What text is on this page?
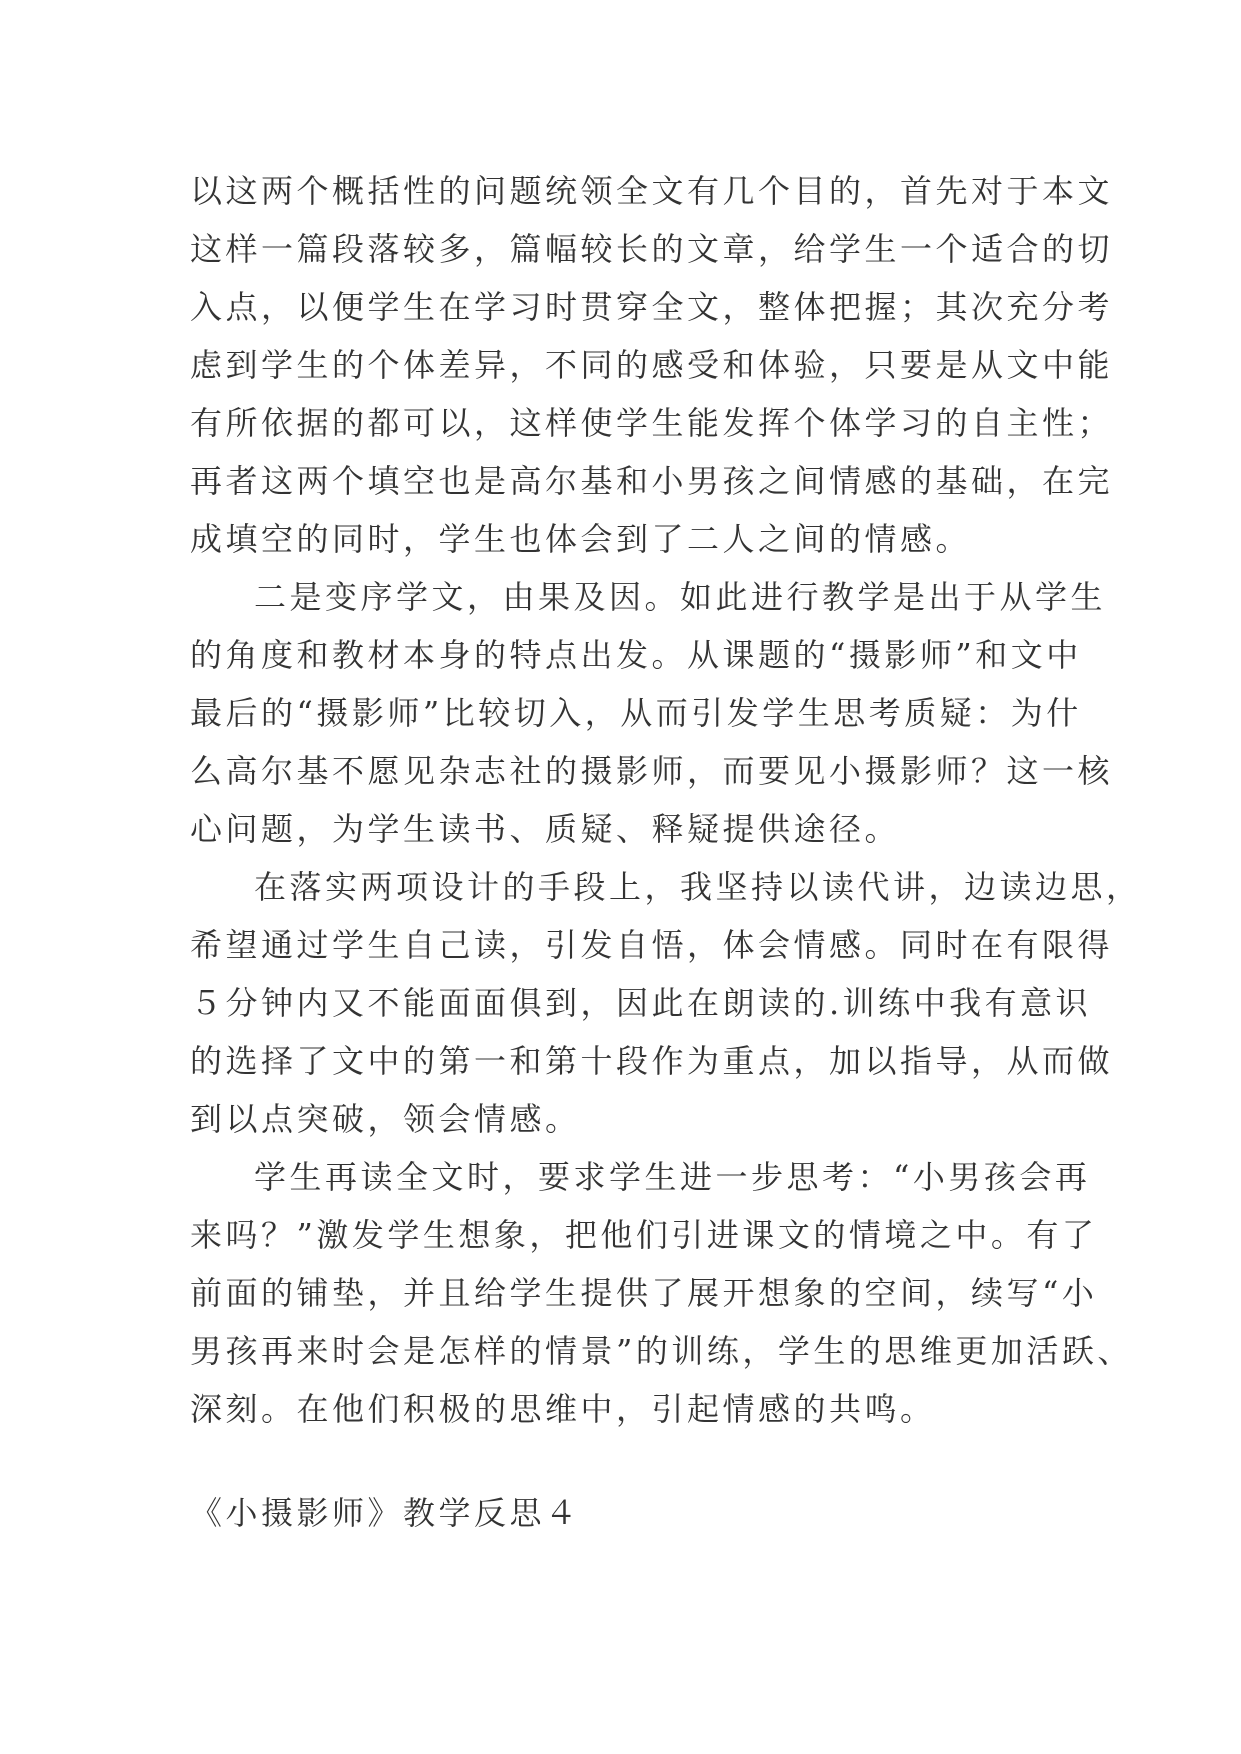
以这两个概括性的问题统领全文有几个目的，首先对于本文
这样一篇段落较多，篇幅较长的文章，给学生一个适合的切
入点，以便学生在学习时贯穿全文，整体把握；其次充分考
虑到学生的个体差异，不同的感受和体验，只要是从文中能
有所依据的都可以，这样使学生能发挥个体学习的自主性；
再者这两个填空也是高尔基和小男孩之间情感的基础，在完
成填空的同时，学生也体会到了二人之间的情感。
二是变序学文，由果及因。如此进行教学是出于从学生
的角度和教材本身的特点出发。从课题的“摄影师”和文中
最后的“摄影师”比较切入，从而引发学生思考质疑：为什
么高尔基不愿见杂志社的摄影师，而要见小摄影师？这一核
心问题，为学生读书、质疑、释疑提供途径。
在落实两项设计的手段上，我坚持以读代讲，边读边思，
希望通过学生自己读，引发自悟，体会情感。同时在有限得
５分钟内又不能面面俱到，因此在朗读的.训练中我有意识
的选择了文中的第一和第十段作为重点，加以指导，从而做
到以点突破，领会情感。
学生再读全文时，要求学生进一步思考：“小男孩会再
来吗？”激发学生想象，把他们引进课文的情境之中。有了
前面的铺垫，并且给学生提供了展开想象的空间，续写“小
男孩再来时会是怎样的情景”的训练，学生的思维更加活跃、
深刻。在他们积极的思维中，引起情感的共鸣。
《小摄影师》教学反思４
